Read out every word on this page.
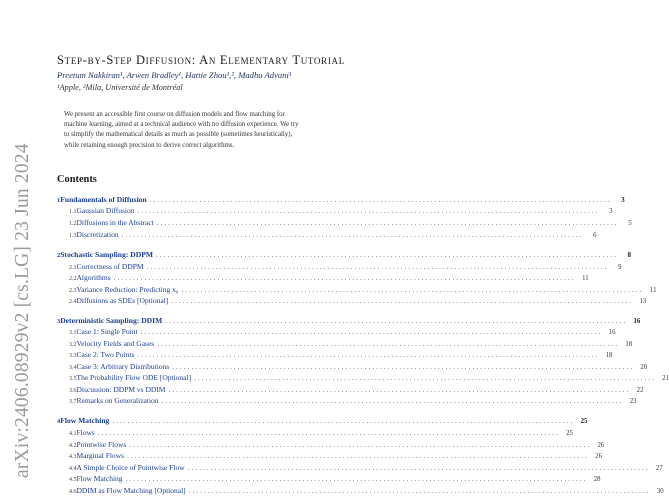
arXiv:2406.08929v2 [cs.LG] 23 Jun 2024
Step-by-Step Diffusion: An Elementary Tutorial
Preetum Nakkiran¹, Arwen Bradley¹, Hattie Zhou¹,², Madhu Advani¹
¹Apple, ²Mila, Université de Montréal

We present an accessible first course on diffusion models and flow matching for machine learning, aimed at a technical audience with no diffusion experience. We try to simplify the mathematical details as much as possible (sometimes heuristically), while retaining enough precision to derive correct algorithms.

Contents
1 Fundamentals of Diffusion ........................................................................................................................	3
1.1 Gaussian Diffusion ........................................................................................................................	3
1.2 Diffusions in the Abstract ........................................................................................................................	5
1.3 Discretization ........................................................................................................................	6
2 Stochastic Sampling: DDPM ........................................................................................................................	8
2.1 Correctness of DDPM ........................................................................................................................	9
2.2 Algorithms ........................................................................................................................ 11
2.3 Variance Reduction: Predicting x₀ ........................................................................................................................ 11
2.4 Diffusions as SDEs [Optional] ........................................................................................................................ 13
3 Deterministic Sampling: DDIM ........................................................................................................................ 16
3.1 Case 1: Single Point ........................................................................................................................ 16
3.2 Velocity Fields and Gases ........................................................................................................................ 18
3.3 Case 2: Two Points ........................................................................................................................ 18
3.4 Case 3: Arbitrary Distributions ........................................................................................................................ 20
3.5 The Probability Flow ODE [Optional] ........................................................................................................................ 21
3.6 Discussion: DDPM vs DDIM ........................................................................................................................ 22
3.7 Remarks on Generalization ........................................................................................................................ 23
4 Flow Matching ........................................................................................................................ 25
4.1 Flows ........................................................................................................................ 25
4.2 Pointwise Flows ........................................................................................................................ 26
4.3 Marginal Flows ........................................................................................................................ 26
4.4 A Simple Choice of Pointwise Flow ........................................................................................................................ 27
4.5 Flow Matching ........................................................................................................................ 28
4.6 DDIM as Flow Matching [Optional] ........................................................................................................................ 30
